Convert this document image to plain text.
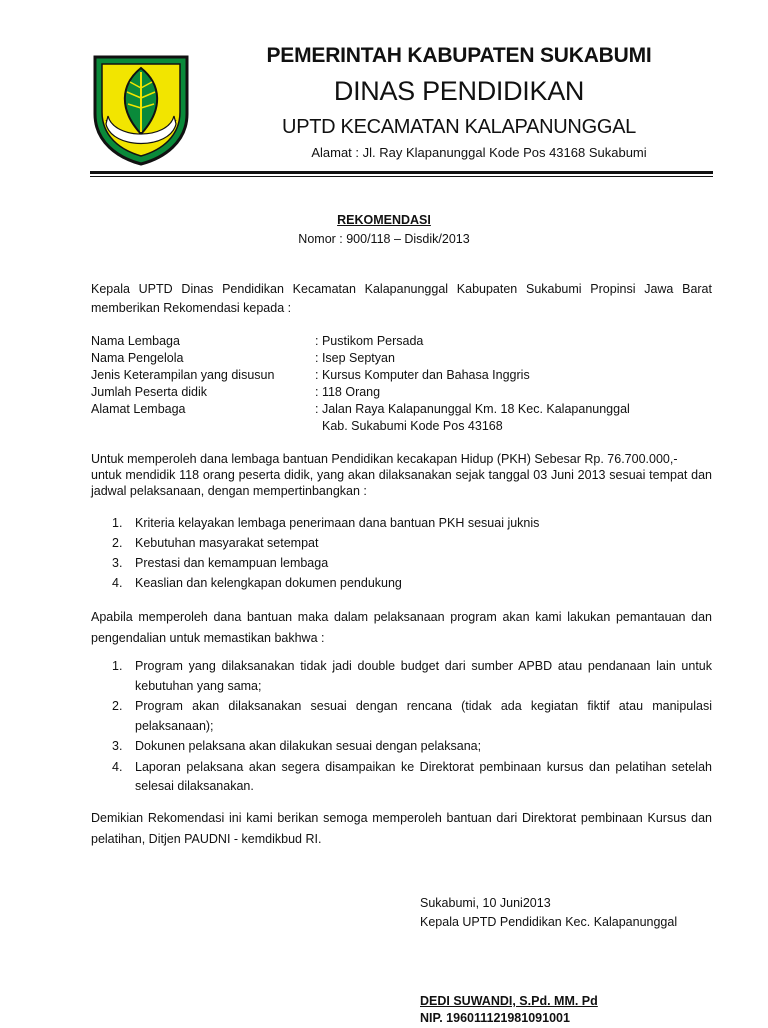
PEMERINTAH KABUPATEN SUKABUMI
DINAS PENDIDIKAN
UPTD KECAMATAN KALAPANUNGGAL
Alamat : Jl. Ray Klapanunggal Kode Pos 43168 Sukabumi
REKOMENDASI
Nomor : 900/118 – Disdik/2013
Kepala UPTD Dinas Pendidikan Kecamatan Kalapanunggal Kabupaten Sukabumi Propinsi Jawa Barat memberikan Rekomendasi kepada :
Nama Lembaga	: Pustikom Persada
Nama Pengelola	: Isep Septyan
Jenis Keterampilan yang disusun	: Kursus Komputer dan Bahasa Inggris
Jumlah Peserta didik	: 118 Orang
Alamat Lembaga	: Jalan Raya Kalapanunggal Km. 18 Kec. Kalapanunggal
Kab. Sukabumi Kode Pos 43168
Untuk memperoleh dana lembaga bantuan Pendidikan kecakapan Hidup (PKH) Sebesar Rp. 76.700.000,-
untuk mendidik 118 orang peserta didik, yang akan dilaksanakan sejak tanggal 03 Juni 2013 sesuai tempat dan jadwal pelaksanaan, dengan mempertinbangkan :
1. Kriteria kelayakan lembaga penerimaan dana bantuan PKH sesuai juknis
2. Kebutuhan masyarakat setempat
3. Prestasi dan kemampuan lembaga
4. Keaslian dan kelengkapan dokumen pendukung
Apabila memperoleh dana bantuan maka dalam pelaksanaan program akan kami lakukan pemantauan dan pengendalian untuk memastikan bakhwa :
1. Program yang dilaksanakan tidak jadi double budget dari sumber APBD atau pendanaan lain untuk kebutuhan yang sama;
2. Program akan dilaksanakan sesuai dengan rencana (tidak ada kegiatan fiktif atau manipulasi pelaksanaan);
3. Dokunen pelaksana akan dilakukan sesuai dengan pelaksana;
4. Laporan pelaksana akan segera disampaikan ke Direktorat pembinaan kursus dan pelatihan setelah selesai dilaksanakan.
Demikian Rekomendasi ini kami berikan semoga memperoleh bantuan dari Direktorat pembinaan Kursus dan pelatihan, Ditjen PAUDNI - kemdikbud RI.
Sukabumi, 10 Juni2013
Kepala UPTD Pendidikan Kec. Kalapanunggal
DEDI SUWANDI, S.Pd. MM. Pd
NIP. 196011121981091001
